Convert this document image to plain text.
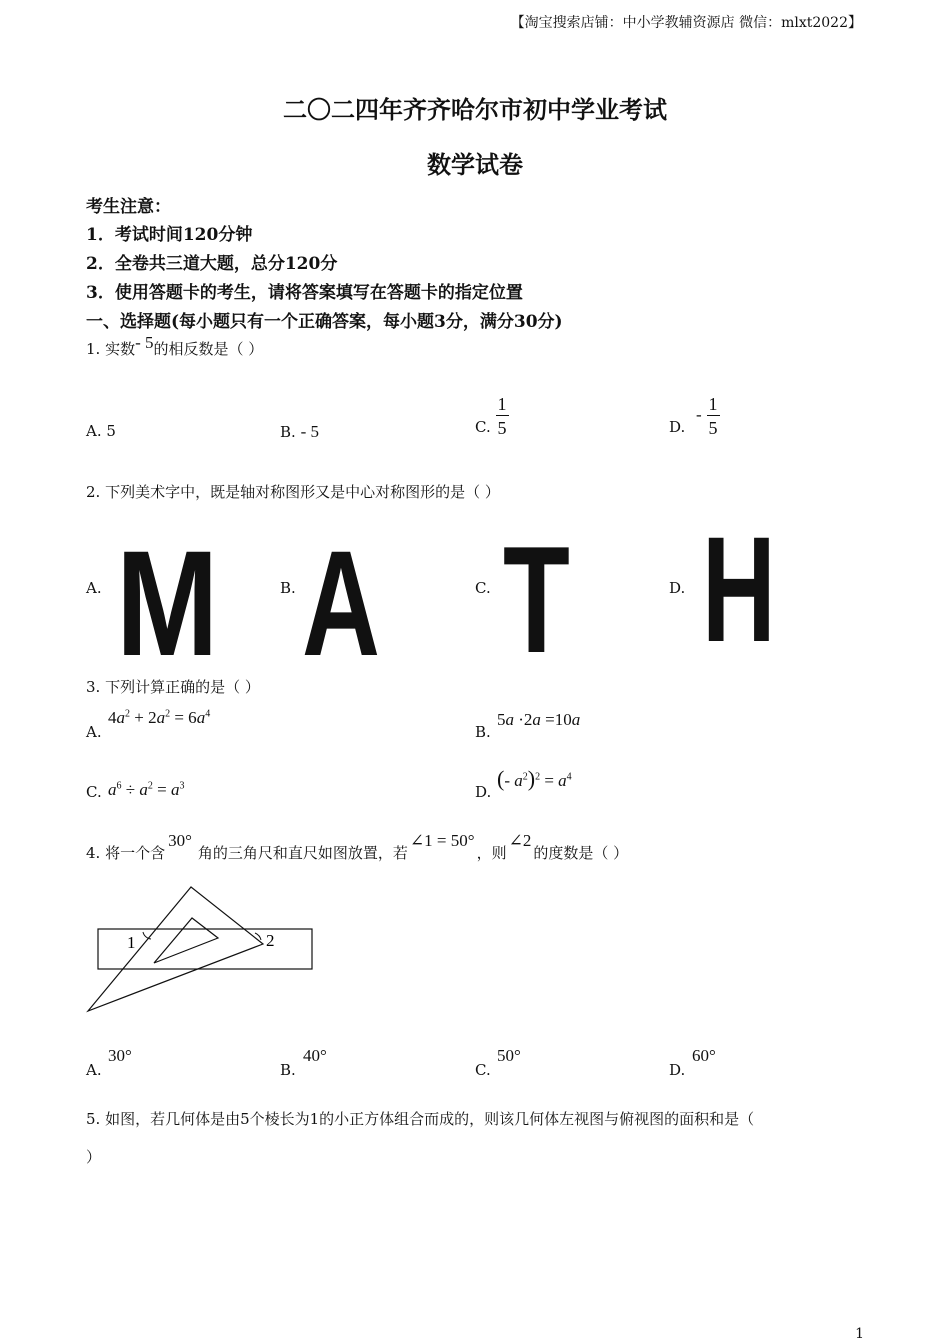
【淘宝搜索店铺：中小学教辅资源店 微信：mlxt2022】
二〇二四年齐齐哈尔市初中学业考试
数学试卷
考生注意：
1．考试时间120分钟
2．全卷共三道大题，总分120分
3．使用答题卡的考生，请将答案填写在答题卡的指定位置
一、选择题(每小题只有一个正确答案，每小题3分，满分30分)
1. 实数- 5的相反数是（ ）
A. 5	B. - 5	C. $\frac{1}{5}$	D. - $\frac{1}{5}$
2. 下列美术字中，既是轴对称图形又是中心对称图形的是（ ）
A. M	B. A	C. T	D. H
3. 下列计算正确的是（ ）
A.
$4a^2 + 2a^2 = 6a^4$
B.
5a ·2a =10a
C. $a^6 \div a^2 = a^3$	D.
(- $a^2)^2 = a^4$
4. 将一个含30°角的三角尺和直尺如图放置，若∠1 = 50°，则∠2的度数是（ ）
1	2
A.
30°
B.
40°
C.
50°
D.
60°
5. 如图，若几何体是由5个棱长为1的小正方体组合而成的，则该几何体左视图与俯视图的面积和是（
）
1
